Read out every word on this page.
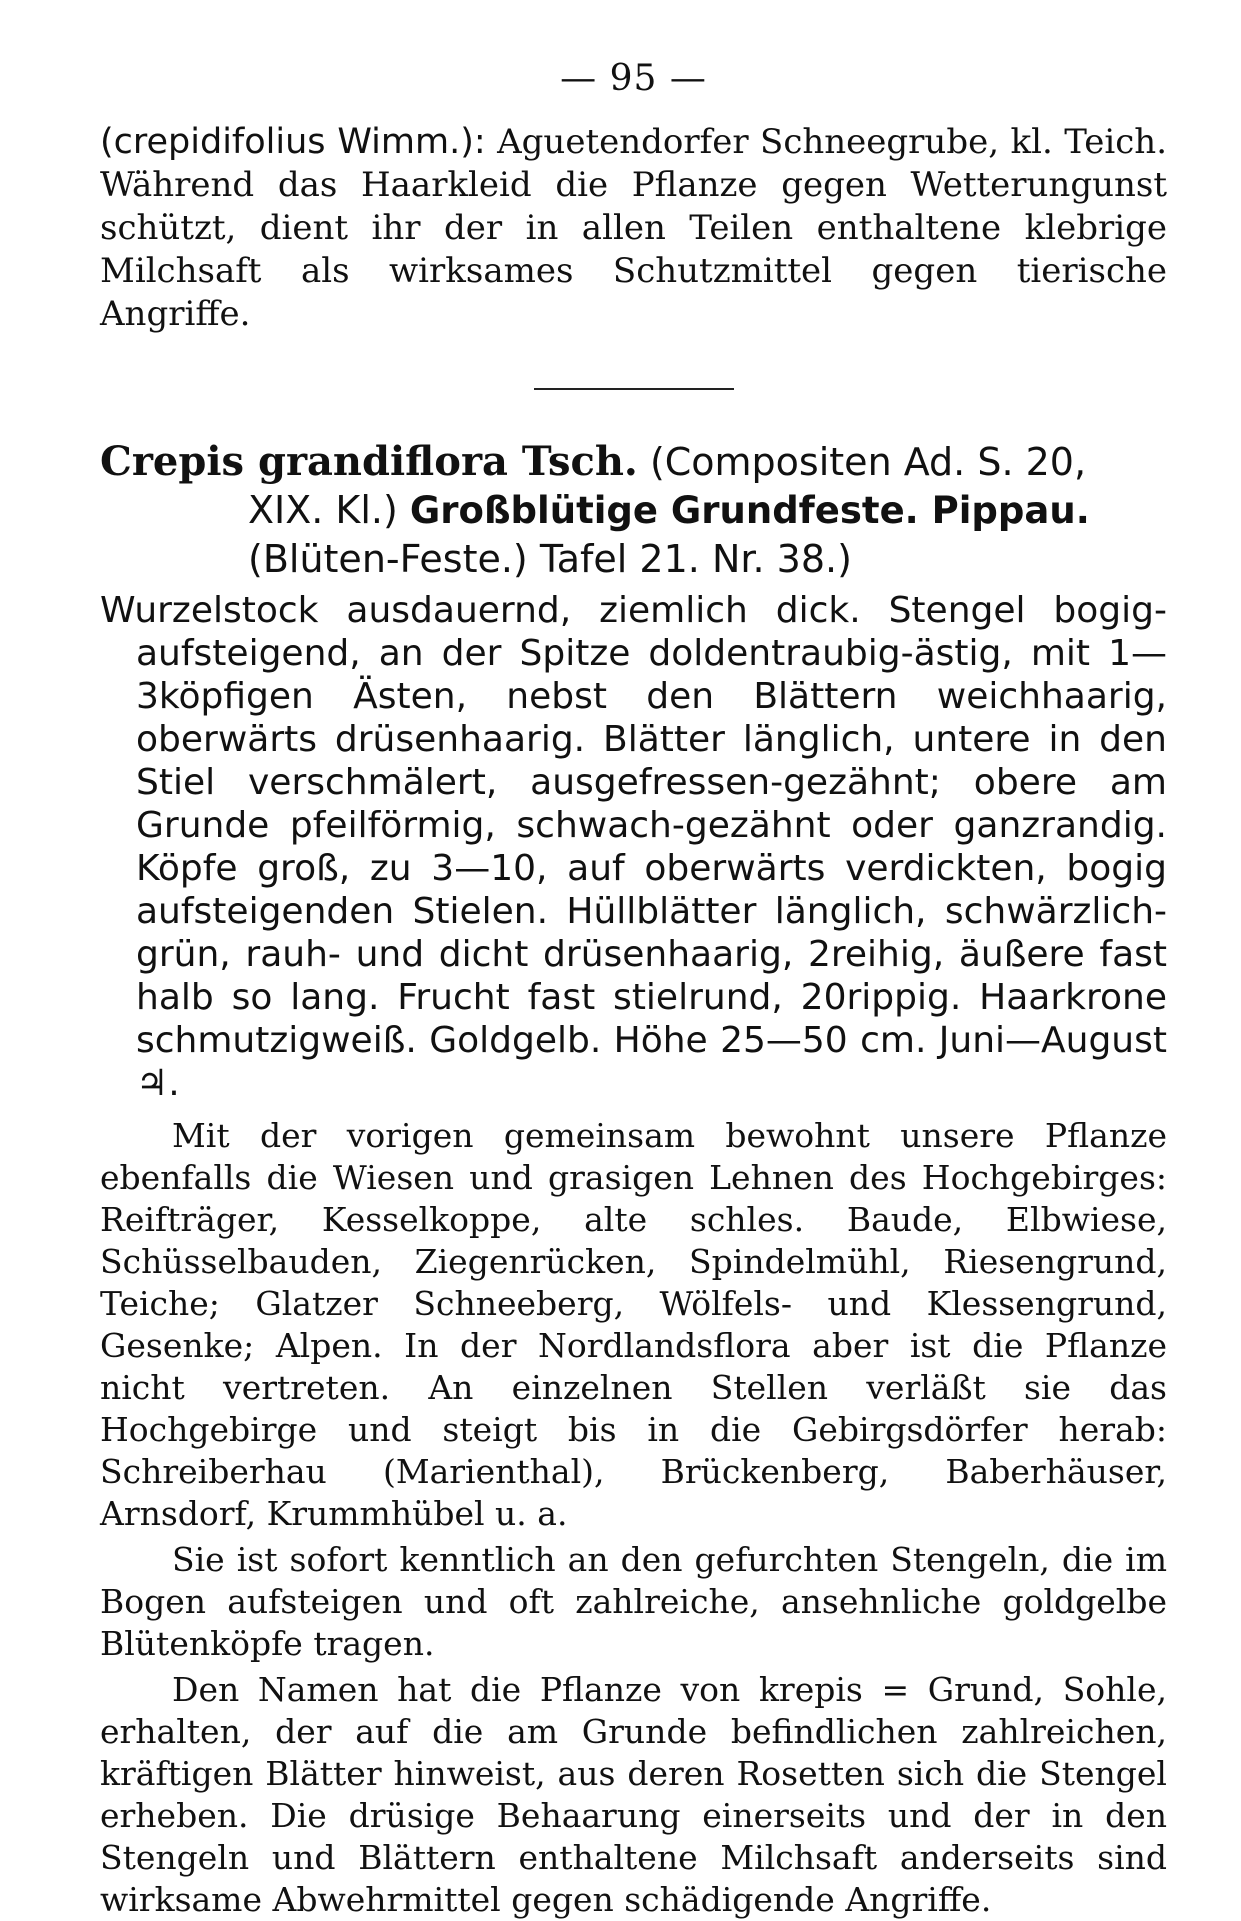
— 95 —

(crepidifolius Wimm.): Aguetendorfer Schneegrube, kl. Teich. Während das Haarkleid die Pflanze gegen Wetterungunst schützt, dient ihr der in allen Teilen enthaltene klebrige Milchsaft als wirksames Schutzmittel gegen tierische Angriffe.

Crepis grandiflora Tsch. (Compositen Ad. S. 20,
XIX. Kl.) Großblütige Grundfeste. Pippau.
(Blüten-Feste.) Tafel 21. Nr. 38.)

Wurzelstock ausdauernd, ziemlich dick. Stengel bogig-aufsteigend, an der Spitze doldentraubig-ästig, mit 1—3köpfigen Ästen, nebst den Blättern weichhaarig, oberwärts drüsenhaarig. Blätter länglich, untere in den Stiel verschmälert, ausgefressen-gezähnt; obere am Grunde pfeilförmig, schwach-gezähnt oder ganzrandig. Köpfe groß, zu 3—10, auf oberwärts verdickten, bogig aufsteigenden Stielen. Hüllblätter länglich, schwärzlich-grün, rauh- und dicht drüsenhaarig, 2reihig, äußere fast halb so lang. Frucht fast stielrund, 20rippig. Haarkrone schmutzigweiß. Goldgelb. Höhe 25—50 cm. Juni—August ♃.

Mit der vorigen gemeinsam bewohnt unsere Pflanze ebenfalls die Wiesen und grasigen Lehnen des Hochgebirges: Reifträger, Kesselkoppe, alte schles. Baude, Elbwiese, Schüsselbauden, Ziegenrücken, Spindelmühl, Riesengrund, Teiche; Glatzer Schneeberg, Wölfels- und Klessengrund, Gesenke; Alpen. In der Nordlandsflora aber ist die Pflanze nicht vertreten. An einzelnen Stellen verläßt sie das Hochgebirge und steigt bis in die Gebirgsdörfer herab: Schreiberhau (Marienthal), Brückenberg, Baberhäuser, Arnsdorf, Krummhübel u. a.

Sie ist sofort kenntlich an den gefurchten Stengeln, die im Bogen aufsteigen und oft zahlreiche, ansehnliche goldgelbe Blütenköpfe tragen.

Den Namen hat die Pflanze von krepis = Grund, Sohle, erhalten, der auf die am Grunde befindlichen zahlreichen, kräftigen Blätter hinweist, aus deren Rosetten sich die Stengel erheben. Die drüsige Behaarung einerseits und der in den Stengeln und Blättern enthaltene Milchsaft anderseits sind wirksame Abwehrmittel gegen schädigende Angriffe.
